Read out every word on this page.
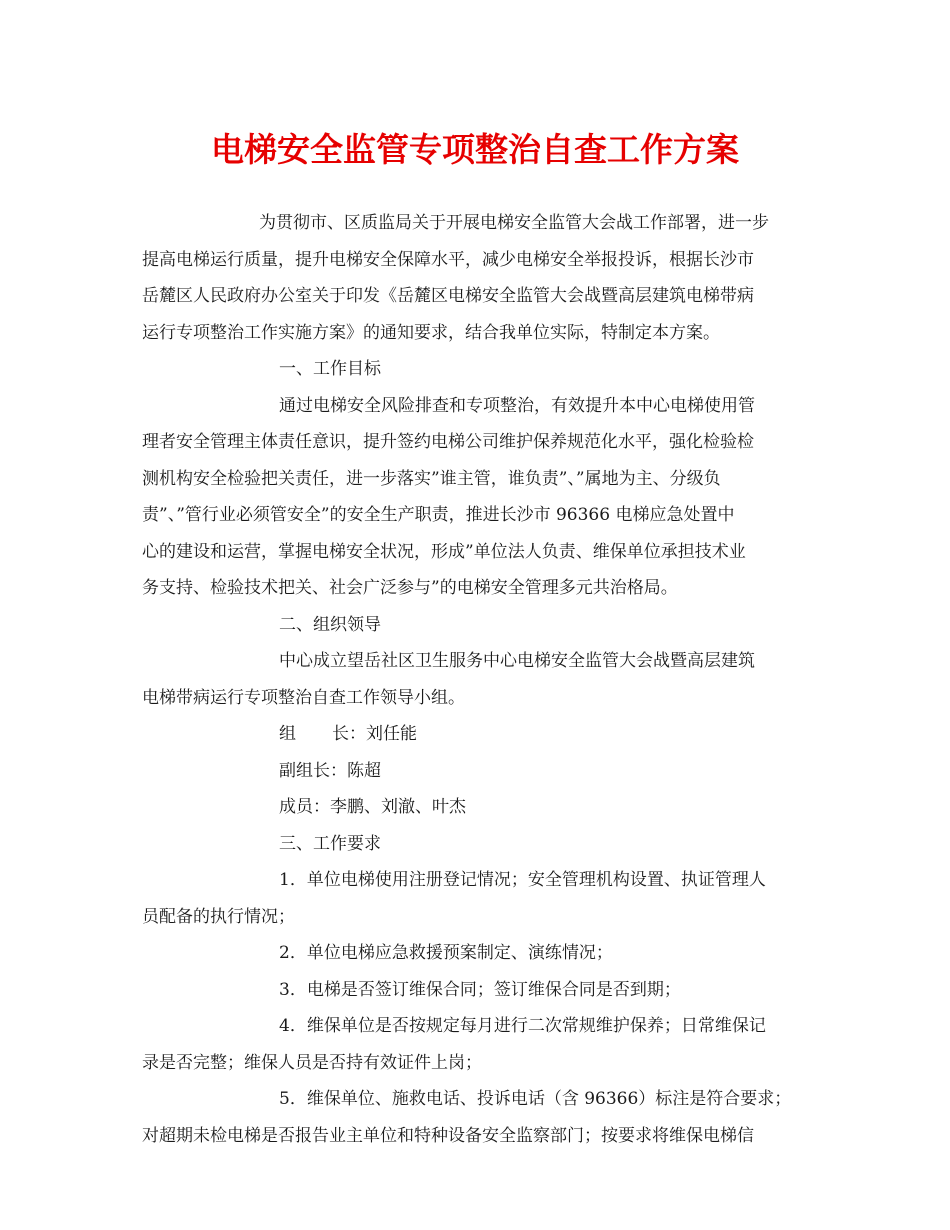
电梯安全监管专项整治自查工作方案

为贯彻市、区质监局关于开展电梯安全监管大会战工作部署，进一步

提高电梯运行质量，提升电梯安全保障水平，减少电梯安全举报投诉，根据长沙市

岳麓区人民政府办公室关于印发《岳麓区电梯安全监管大会战暨高层建筑电梯带病

运行专项整治工作实施方案》的通知要求，结合我单位实际，特制定本方案。

一、工作目标

通过电梯安全风险排查和专项整治，有效提升本中心电梯使用管

理者安全管理主体责任意识，提升签约电梯公司维护保养规范化水平，强化检验检

测机构安全检验把关责任，进一步落实”谁主管，谁负责”、”属地为主、分级负

责”、”管行业必须管安全”的安全生产职责，推进长沙市 96366 电梯应急处置中

心的建设和运营，掌握电梯安全状况，形成”单位法人负责、维保单位承担技术业

务支持、检验技术把关、社会广泛参与”的电梯安全管理多元共治格局。

二、组织领导

中心成立望岳社区卫生服务中心电梯安全监管大会战暨高层建筑

电梯带病运行专项整治自查工作领导小组。

组 长：刘任能

副组长：陈超

成员：李鹏、刘澈、叶杰

三、工作要求

1．单位电梯使用注册登记情况；安全管理机构设置、执证管理人

员配备的执行情况；

2．单位电梯应急救援预案制定、演练情况；

3．电梯是否签订维保合同；签订维保合同是否到期；

4．维保单位是否按规定每月进行二次常规维护保养；日常维保记

录是否完整；维保人员是否持有效证件上岗；

5．维保单位、施救电话、投诉电话（含 96366）标注是符合要求；

对超期未检电梯是否报告业主单位和特种设备安全监察部门；按要求将维保电梯信
